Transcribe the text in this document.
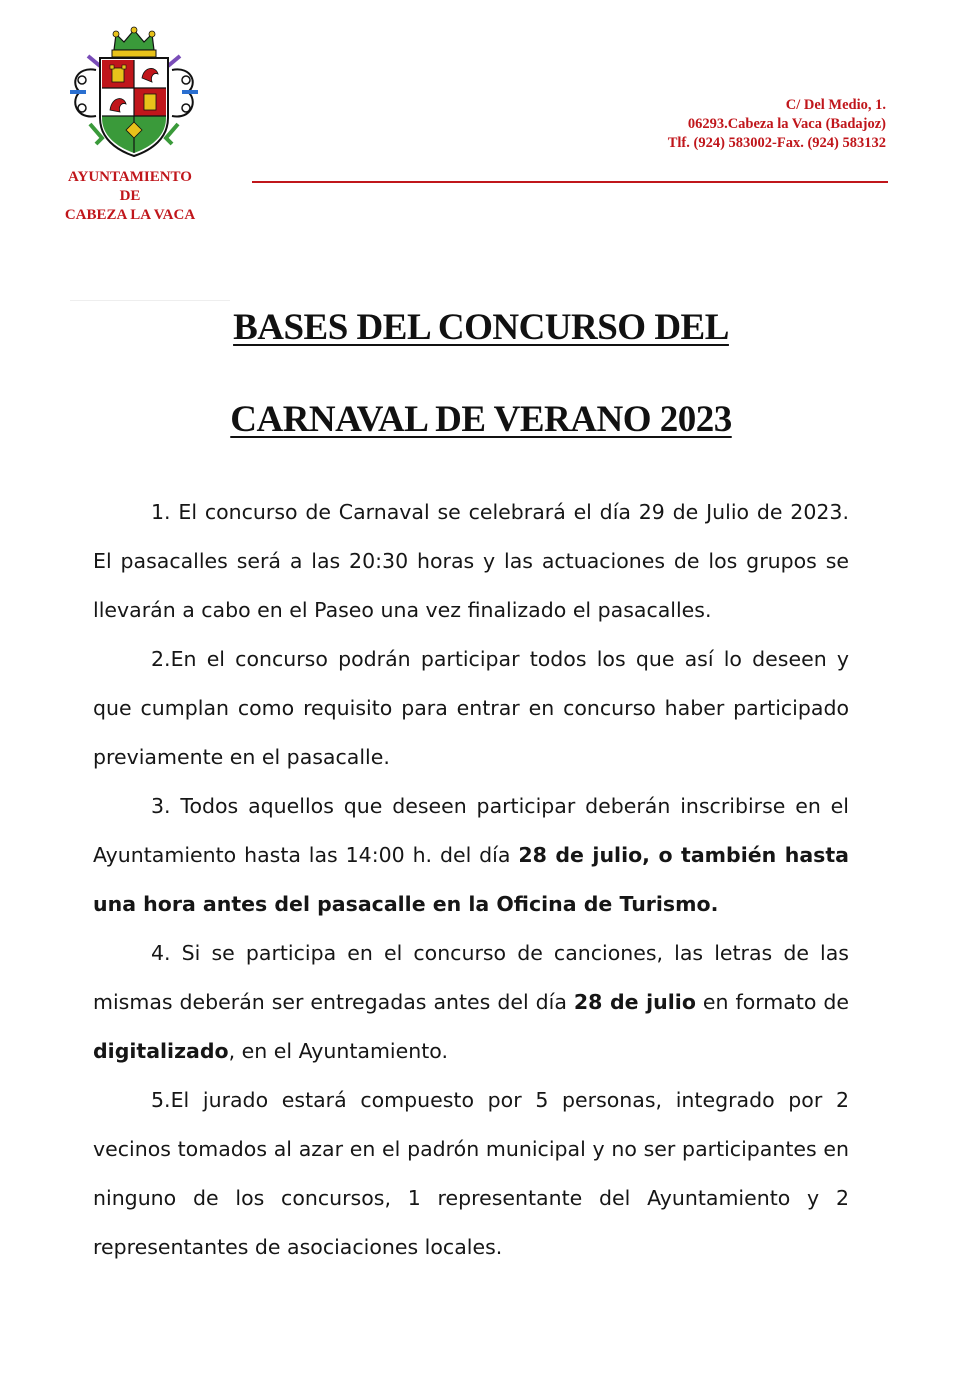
AYUNTAMIENTO
DE
CABEZA LA VACA
C/ Del Medio, 1.
06293.Cabeza la Vaca (Badajoz)
Tlf. (924) 583002-Fax. (924) 583132
BASES DEL CONCURSO DEL
CARNAVAL DE VERANO 2023

1. El concurso de Carnaval se celebrará el día 29 de Julio de 2023. El pasacalles será a las 20:30 horas y las actuaciones de los grupos se llevarán a cabo en el Paseo una vez finalizado el pasacalles.

2.En el concurso podrán participar todos los que así lo deseen y que cumplan como requisito para entrar en concurso haber participado previamente en el pasacalle.

3. Todos aquellos que deseen participar deberán inscribirse en el Ayuntamiento hasta las 14:00 h. del día 28 de julio, o también hasta una hora antes del pasacalle en la Oficina de Turismo.

4. Si se participa en el concurso de canciones, las letras de las mismas deberán ser entregadas antes del día 28 de julio en formato de digitalizado, en el Ayuntamiento.

5.El jurado estará compuesto por 5 personas, integrado por 2 vecinos tomados al azar en el padrón municipal y no ser participantes en ninguno de los concursos, 1 representante del Ayuntamiento y 2 representantes de asociaciones locales.
